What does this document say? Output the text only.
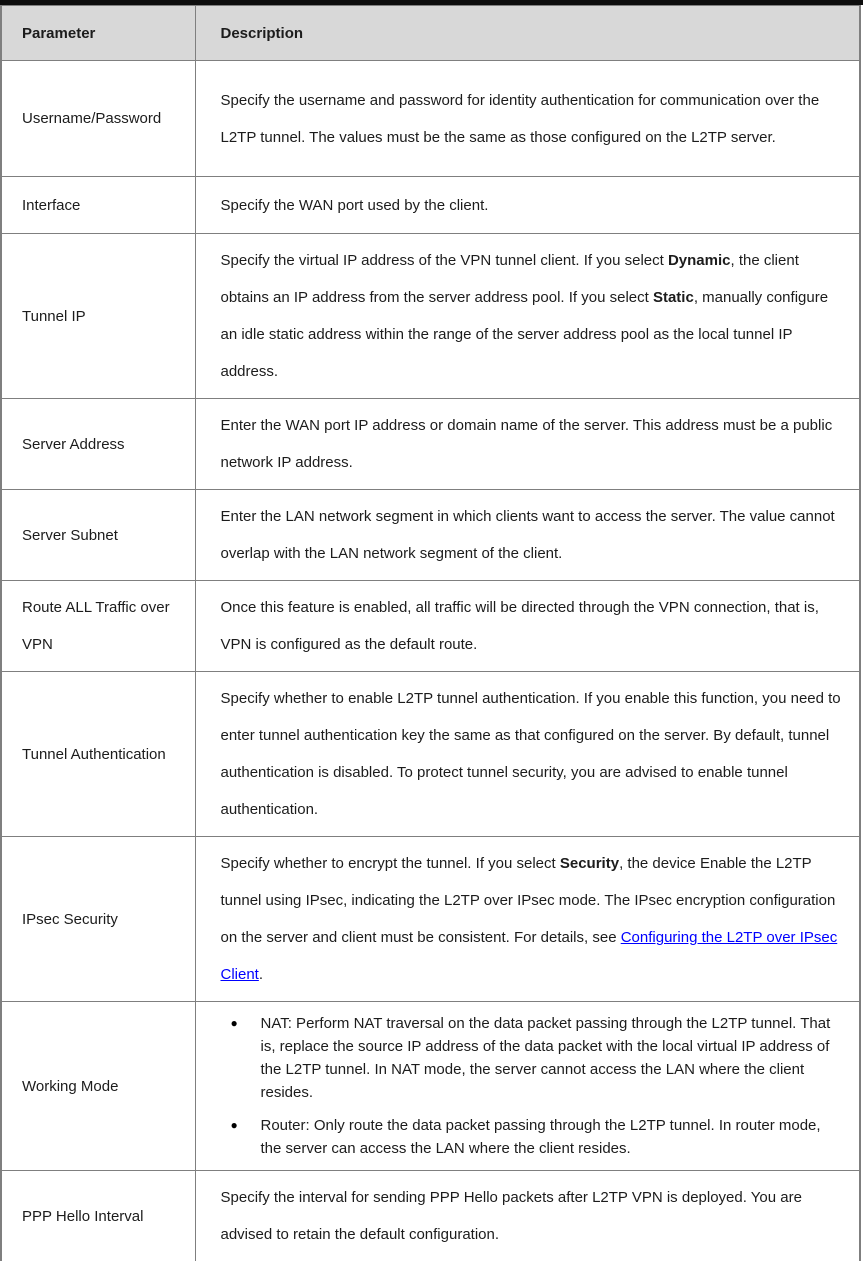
Parameter	Description
Username/Password	Specify the username and password for identity authentication for communication over the L2TP tunnel. The values must be the same as those configured on the L2TP server.

Interface	Specify the WAN port used by the client.

Tunnel IP	Specify the virtual IP address of the VPN tunnel client. If you select Dynamic, the client obtains an IP address from the server address pool. If you select Static, manually configure an idle static address within the range of the server address pool as the local tunnel IP address.

Server Address	Enter the WAN port IP address or domain name of the server. This address must be a public network IP address.

Server Subnet	Enter the LAN network segment in which clients want to access the server. The value cannot overlap with the LAN network segment of the client.

Route ALL Traffic over VPN	Once this feature is enabled, all traffic will be directed through the VPN connection, that is, VPN is configured as the default route.

Tunnel Authentication	Specify whether to enable L2TP tunnel authentication. If you enable this function, you need to enter tunnel authentication key the same as that configured on the server. By default, tunnel authentication is disabled. To protect tunnel security, you are advised to enable tunnel authentication.

IPsec Security	Specify whether to encrypt the tunnel. If you select Security, the device Enable the L2TP tunnel using IPsec, indicating the L2TP over IPsec mode. The IPsec encryption configuration on the server and client must be consistent. For details, see Configuring the L2TP over IPsec Client.

Working Mode	● NAT: Perform NAT traversal on the data packet passing through the L2TP tunnel. That is, replace the source IP address of the data packet with the local virtual IP address of the L2TP tunnel. In NAT mode, the server cannot access the LAN where the client resides.
● Router: Only route the data packet passing through the L2TP tunnel. In router mode, the server can access the LAN where the client resides.

PPP Hello Interval	Specify the interval for sending PPP Hello packets after L2TP VPN is deployed. You are advised to retain the default configuration.
